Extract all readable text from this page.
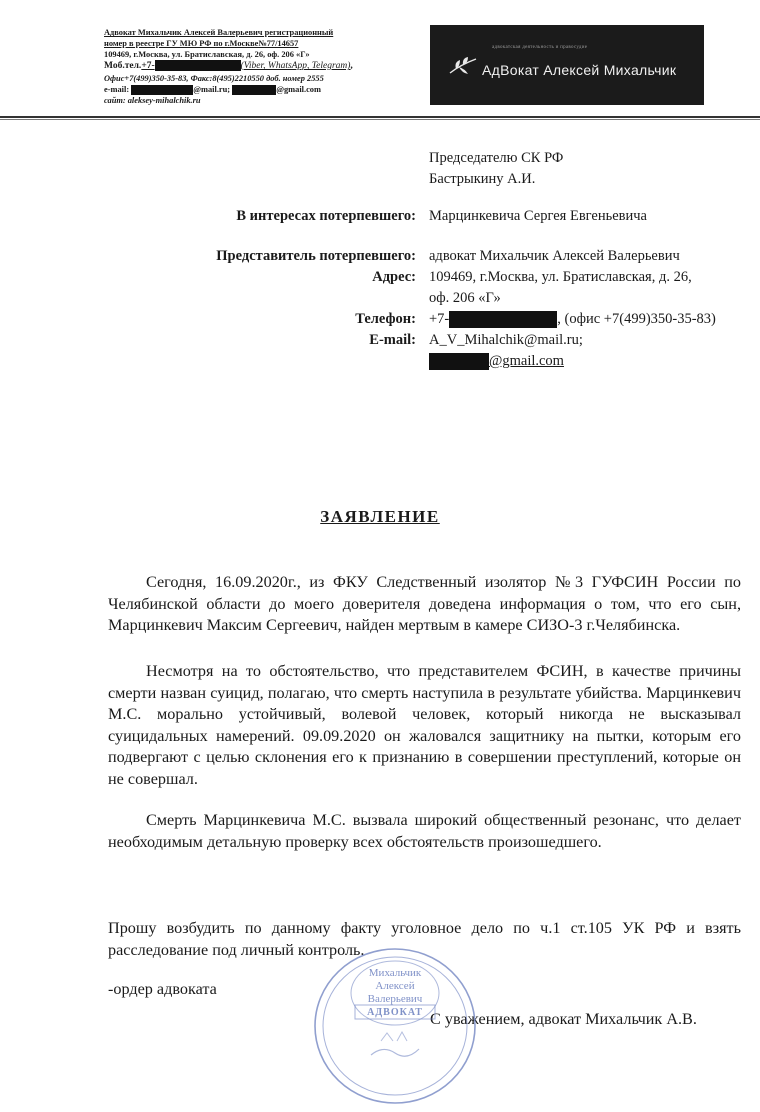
Адвокат Михальчик Алексей Валерьевич регистрационный
номер в реестре ГУ МЮ РФ по г.Москве№77/14657
109469, г.Москва, ул. Братиславская, д. 26, оф. 206 «Г»
Моб.тел.+7-	(Viber, WhatsApp, Telegram),
Офис+7(499)350-35-83, Факс:8(495)2210550 доб. номер 2555
e-mail:	@mail.ru;	@gmail.com
сайт: aleksey-mihalchik.ru
адвокатская деятельность и правосудие
АдВокат Алексей Михальчик
Председателю СК РФ
Бастрыкину А.И.
В интересах потерпевшего: Марцинкевича Сергея Евгеньевича
Представитель потерпевшего: адвокат Михальчик Алексей Валерьевич
Адрес: 109469, г.Москва, ул. Братиславская, д. 26,
оф. 206 «Г»
Телефон: +7-	, (офис +7(499)350-35-83)
E-mail: A_V_Mihalchik@mail.ru;
@gmail.com
ЗАЯВЛЕНИЕ
Сегодня, 16.09.2020г., из ФКУ Следственный изолятор №3 ГУФСИН России по Челябинской области до моего доверителя доведена информация о том, что его сын, Марцинкевич Максим Сергеевич, найден мертвым в камере СИЗО-3 г.Челябинска.
Несмотря на то обстоятельство, что представителем ФСИН, в качестве причины смерти назван суицид, полагаю, что смерть наступила в результате убийства. Марцинкевич М.С. морально устойчивый, волевой человек, который никогда не высказывал суицидальных намерений. 09.09.2020 он жаловался защитнику на пытки, которым его подвергают с целью склонения его к признанию в совершении преступлений, которые он не совершал.
Смерть Марцинкевича М.С. вызвала широкий общественный резонанс, что делает необходимым детальную проверку всех обстоятельств произошедшего.
Прошу возбудить по данному факту уголовное дело по ч.1 ст.105 УК РФ и взять расследование под личный контроль.
-ордер адвоката
С уважением, адвокат Михальчик А.В.
Михальчик
Алексей
Валерьевич
АДВОКАТ
